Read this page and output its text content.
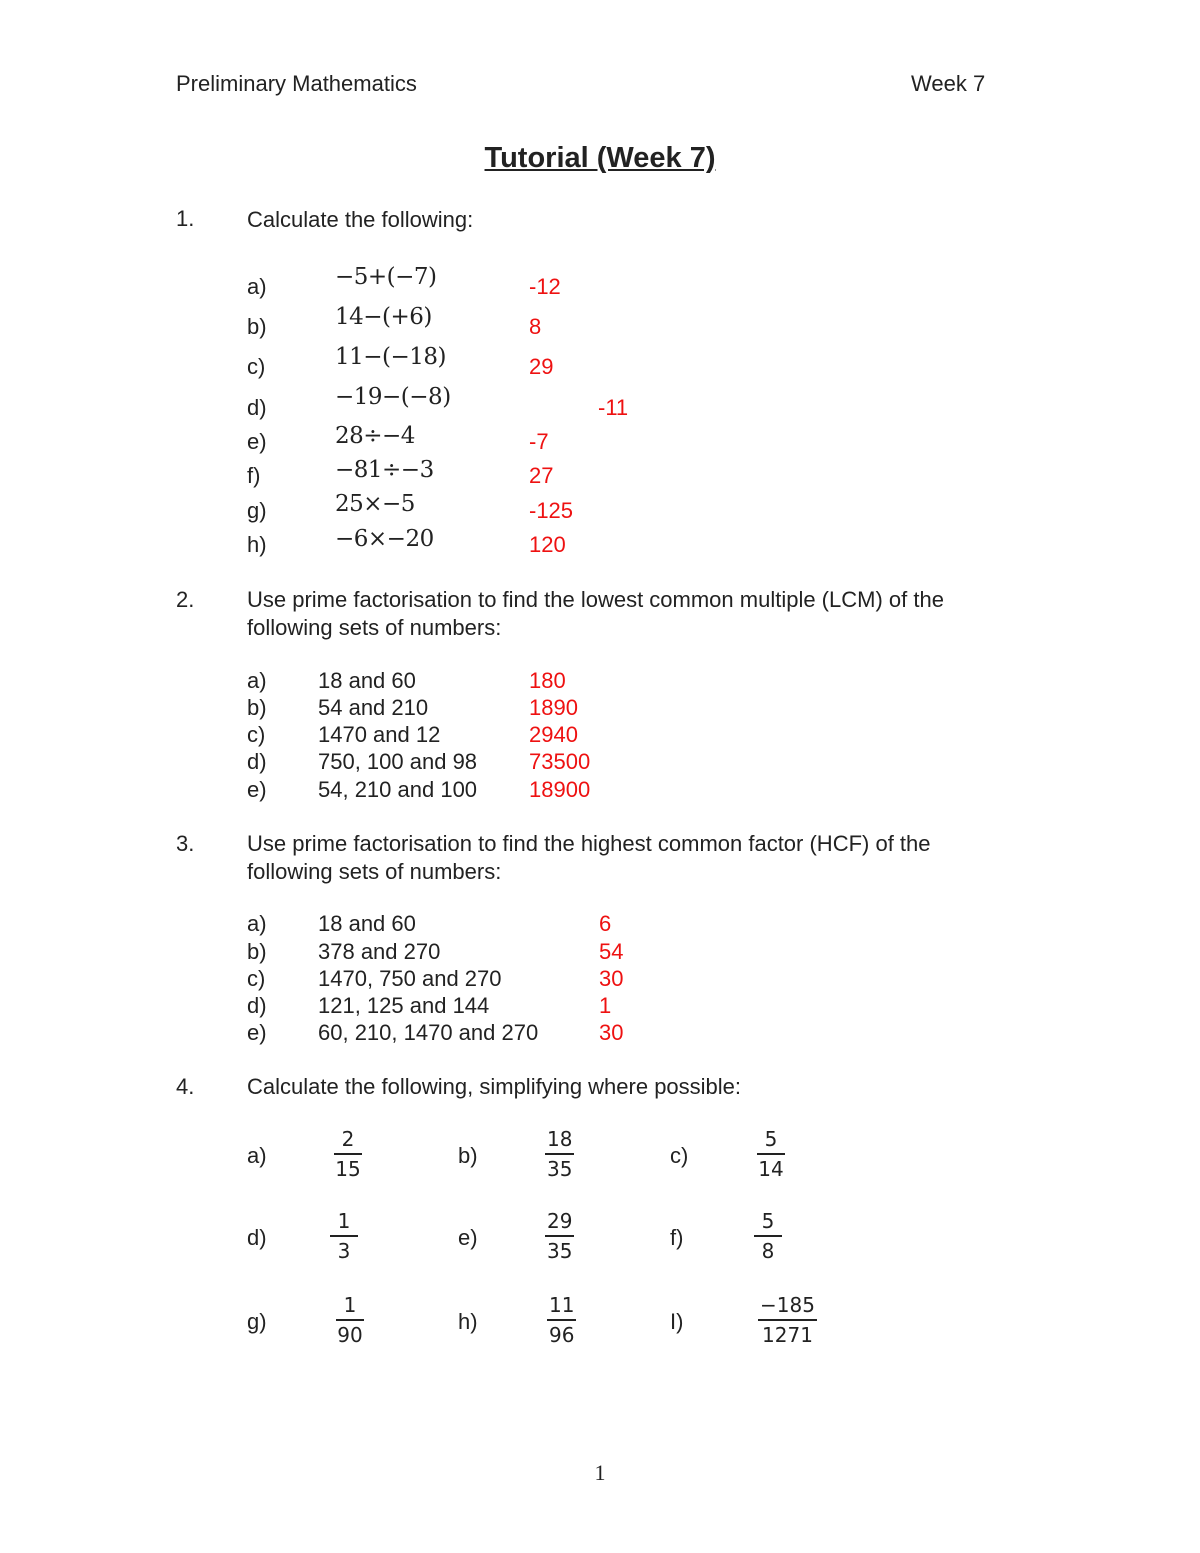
Preliminary Mathematics	Week 7
Tutorial (Week 7)
1. Calculate the following:
a)	−5+(−7)	-12
b)	14−(+6)	8
c)	11−(−18)	29
d)	−19−(−8)	-11
e)	28÷−4	-7
f)	−81÷−3	27
g)	25×−5	-125
h)	−6×−20	120
2. Use prime factorisation to find the lowest common multiple (LCM) of the following sets of numbers:
a) 18 and 60	180
b) 54 and 210	1890
c) 1470 and 12	2940
d) 750, 100 and 98 73500
e) 54, 210 and 100 18900
3. Use prime factorisation to find the highest common factor (HCF) of the following sets of numbers:
a) 18 and 60	6
b) 378 and 270	54
c) 1470, 750 and 270	30
d) 121, 125 and 144	1
e) 60, 210, 1470 and 270	30
4. Calculate the following, simplifying where possible:
a)	$\frac{2}{15}$	b)	$\frac{18}{35}$	c)	$\frac{5}{14}$
d)	$\frac{1}{3}$	e)	$\frac{29}{35}$	f)	$\frac{5}{8}$
g)	$\frac{1}{90}$	h)	$\frac{11}{96}$	I)	$\frac{-185}{1271}$
1
